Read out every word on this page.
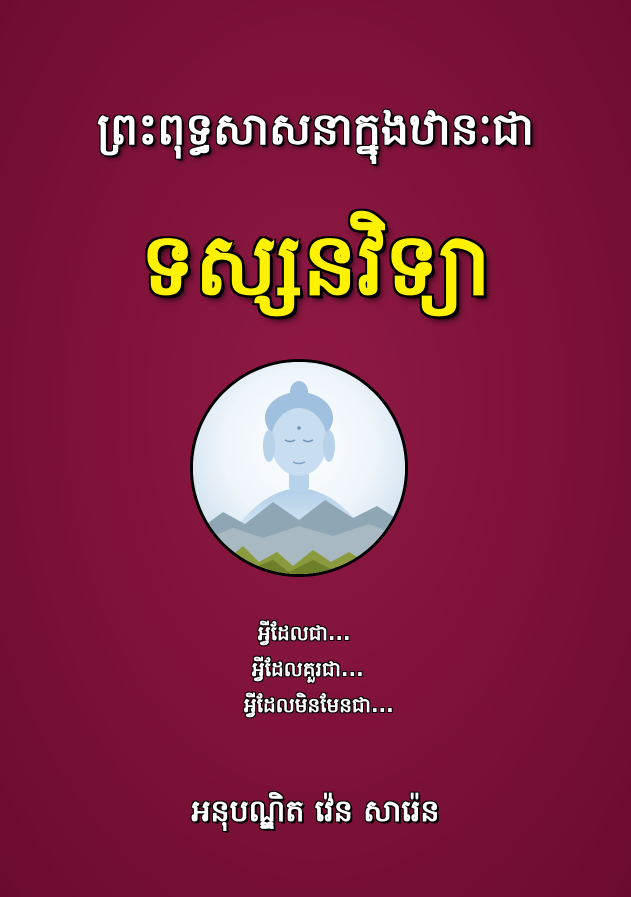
ព្រះពុទ្ធសាសនាក្នុងឋានៈជា
ទស្សនវិទ្យា
អ្វីដែលជា...
អ្វីដែលគួរជា...
អ្វីដែលមិនមែនជា...
អនុបណ្ឌិត វ៉េន សារ៉េន
